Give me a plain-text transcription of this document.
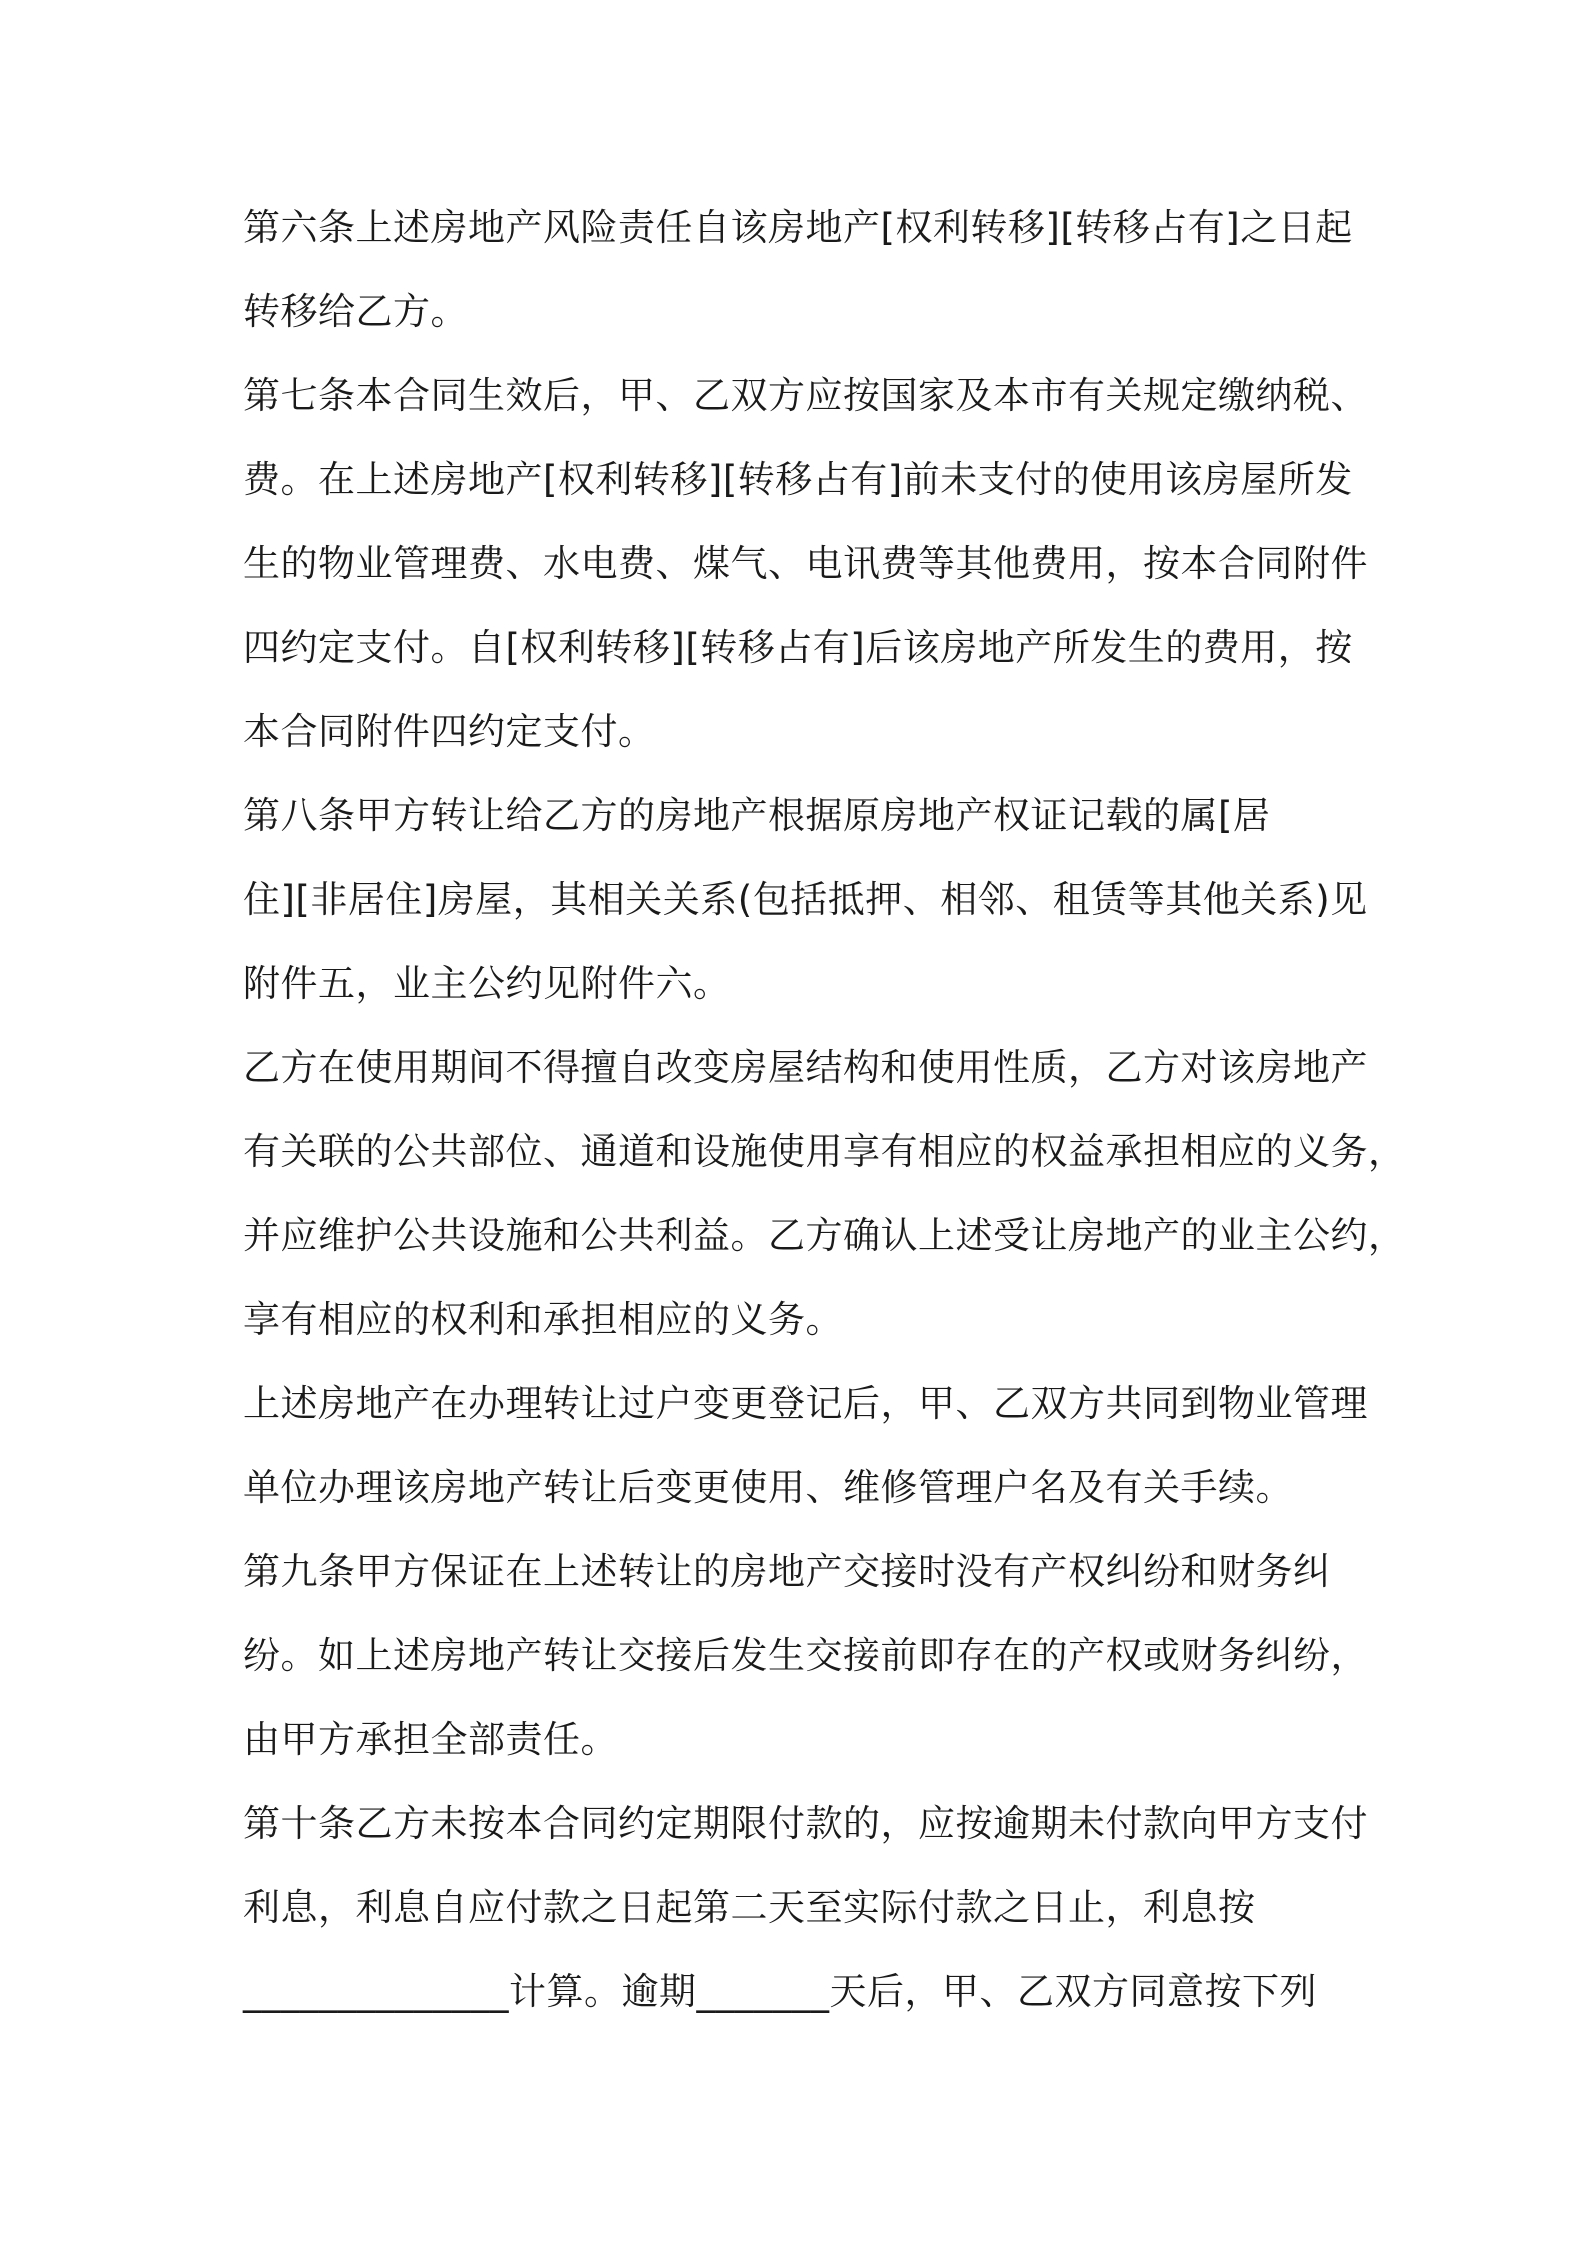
第六条上述房地产风险责任自该房地产[权利转移][转移占有]之日起

转移给乙方。

第七条本合同生效后，甲、乙双方应按国家及本市有关规定缴纳税、

费。在上述房地产[权利转移][转移占有]前未支付的使用该房屋所发

生的物业管理费、水电费、煤气、电讯费等其他费用，按本合同附件

四约定支付。自[权利转移][转移占有]后该房地产所发生的费用，按

本合同附件四约定支付。

第八条甲方转让给乙方的房地产根据原房地产权证记载的属[居

住][非居住]房屋，其相关关系(包括抵押、相邻、租赁等其他关系)见

附件五，业主公约见附件六。

乙方在使用期间不得擅自改变房屋结构和使用性质，乙方对该房地产

有关联的公共部位、通道和设施使用享有相应的权益承担相应的义务，

并应维护公共设施和公共利益。乙方确认上述受让房地产的业主公约，

享有相应的权利和承担相应的义务。

上述房地产在办理转让过户变更登记后，甲、乙双方共同到物业管理

单位办理该房地产转让后变更使用、维修管理户名及有关手续。

第九条甲方保证在上述转让的房地产交接时没有产权纠纷和财务纠

纷。如上述房地产转让交接后发生交接前即存在的产权或财务纠纷，

由甲方承担全部责任。

第十条乙方未按本合同约定期限付款的，应按逾期未付款向甲方支付

利息，利息自应付款之日起第二天至实际付款之日止，利息按

______________计算。逾期_______天后，甲、乙双方同意按下列
